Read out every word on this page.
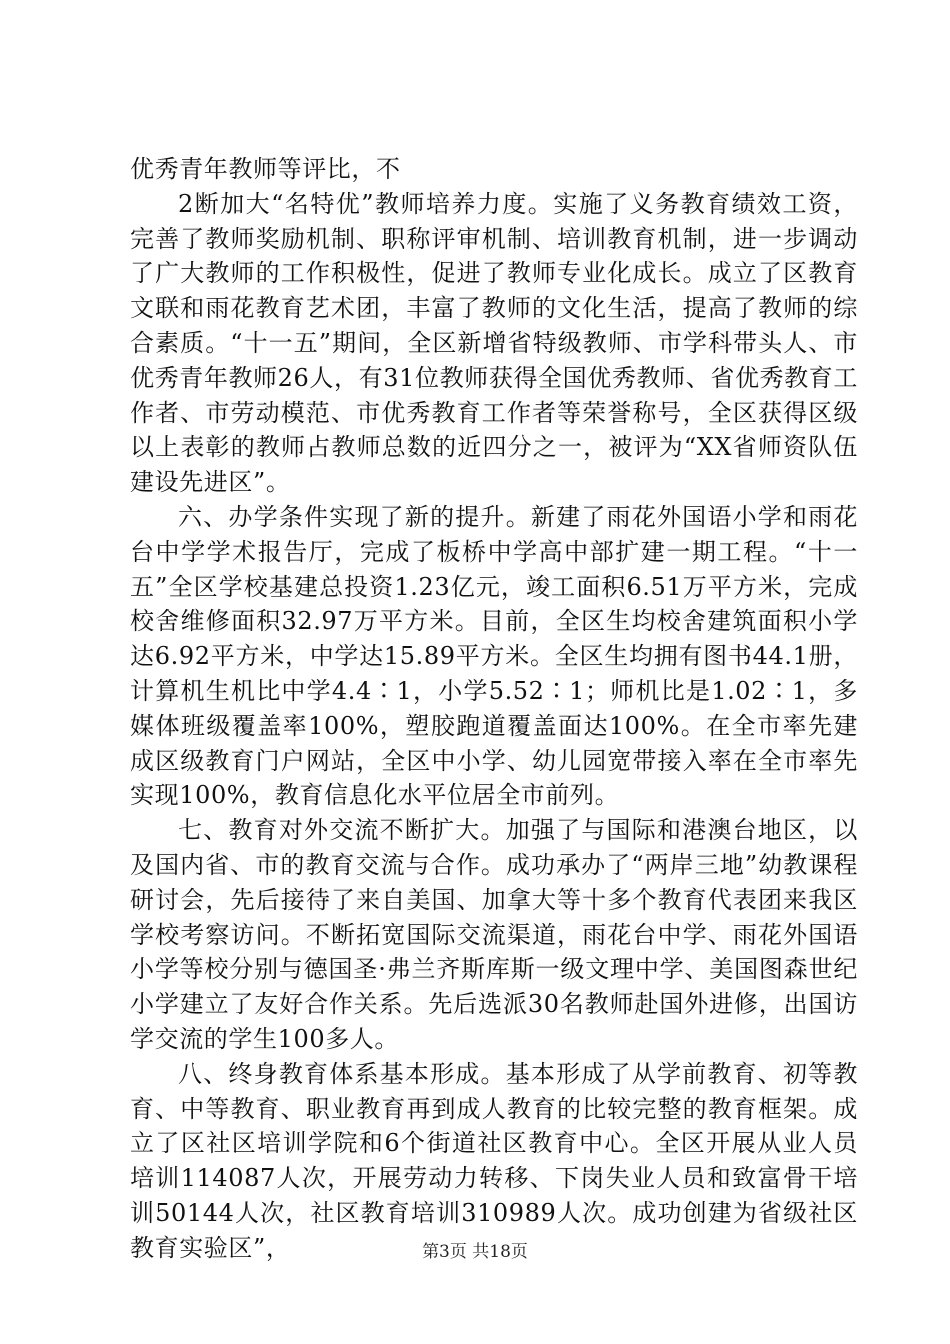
优秀青年教师等评比，不

2断加大“名特优”教师培养力度。实施了义务教育绩效工资，完善了教师奖励机制、职称评审机制、培训教育机制，进一步调动了广大教师的工作积极性，促进了教师专业化成长。成立了区教育文联和雨花教育艺术团，丰富了教师的文化生活，提高了教师的综合素质。“十一五”期间，全区新增省特级教师、市学科带头人、市优秀青年教师26人，有31位教师获得全国优秀教师、省优秀教育工作者、市劳动模范、市优秀教育工作者等荣誉称号，全区获得区级以上表彰的教师占教师总数的近四分之一，被评为“XX省师资队伍建设先进区”。

六、办学条件实现了新的提升。新建了雨花外国语小学和雨花台中学学术报告厅，完成了板桥中学高中部扩建一期工程。“十一五”全区学校基建总投资1.23亿元，竣工面积6.51万平方米，完成校舍维修面积32.97万平方米。目前，全区生均校舍建筑面积小学达6.92平方米，中学达15.89平方米。全区生均拥有图书44.1册，计算机生机比中学4.4∶1，小学5.52∶1；师机比是1.02∶1，多媒体班级覆盖率100%，塑胶跑道覆盖面达100%。在全市率先建成区级教育门户网站，全区中小学、幼儿园宽带接入率在全市率先实现100%，教育信息化水平位居全市前列。

七、教育对外交流不断扩大。加强了与国际和港澳台地区，以及国内省、市的教育交流与合作。成功承办了“两岸三地”幼教课程研讨会，先后接待了来自美国、加拿大等十多个教育代表团来我区学校考察访问。不断拓宽国际交流渠道，雨花台中学、雨花外国语小学等校分别与德国圣·弗兰齐斯库斯一级文理中学、美国图森世纪小学建立了友好合作关系。先后选派30名教师赴国外进修，出国访学交流的学生100多人。

八、终身教育体系基本形成。基本形成了从学前教育、初等教育、中等教育、职业教育再到成人教育的比较完整的教育框架。成立了区社区培训学院和6个街道社区教育中心。全区开展从业人员培训114087人次，开展劳动力转移、下岗失业人员和致富骨干培训50144人次，社区教育培训310989人次。成功创建为省级社区教育实验区”，	第3页 共18页
